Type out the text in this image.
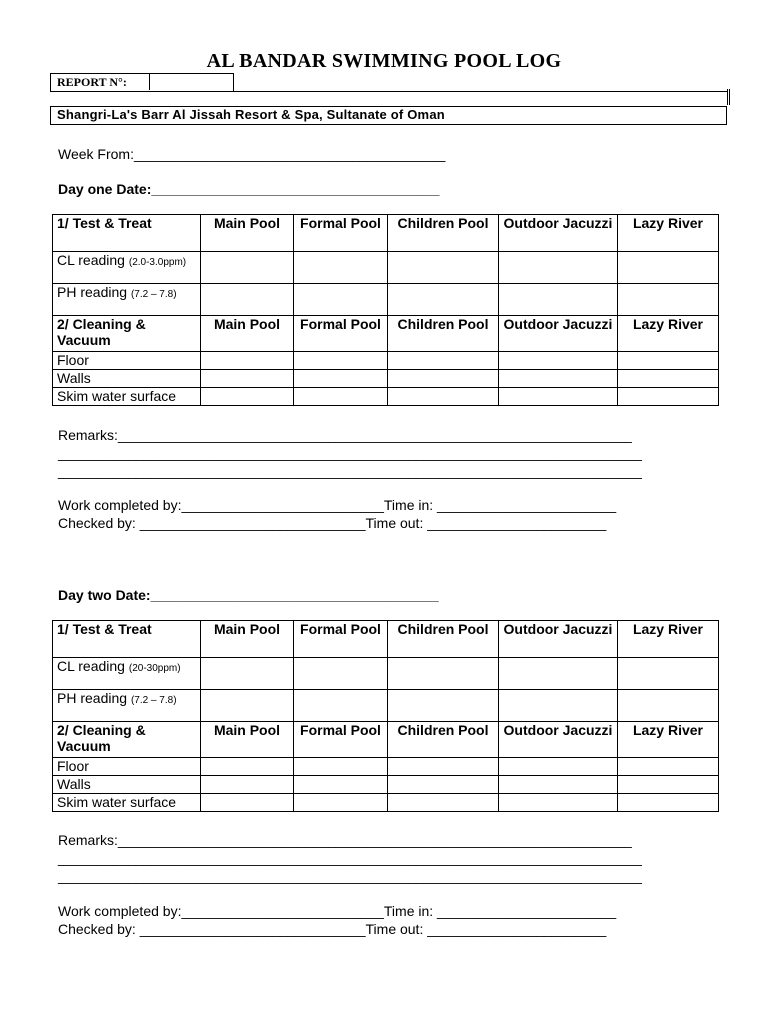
AL BANDAR SWIMMING POOL LOG
REPORT N°:
Shangri-La's Barr Al Jissah Resort & Spa, Sultanate of Oman
Week From:________________________________________
Day one Date:_____________________________________
1/ Test & Treat	Main Pool	Formal Pool	Children Pool	Outdoor Jacuzzi	Lazy River
CL reading (2.0-3.0ppm)					
PH reading (7.2 – 7.8)					
2/ Cleaning & Vacuum	Main Pool	Formal Pool	Children Pool	Outdoor Jacuzzi	Lazy River
Floor					
Walls					
Skim water surface					
Remarks:__________________________________________________________________
___________________________________________________________________________
___________________________________________________________________________
Work completed by:__________________________Time in: _______________________
Checked by: _____________________________Time out: _______________________
Day two Date:_____________________________________
1/ Test & Treat	Main Pool	Formal Pool	Children Pool	Outdoor Jacuzzi	Lazy River
CL reading (20-30ppm)					
PH reading (7.2 – 7.8)					
2/ Cleaning & Vacuum	Main Pool	Formal Pool	Children Pool	Outdoor Jacuzzi	Lazy River
Floor					
Walls					
Skim water surface					
Remarks:__________________________________________________________________
___________________________________________________________________________
___________________________________________________________________________
Work completed by:__________________________Time in: _______________________
Checked by: _____________________________Time out: _______________________
